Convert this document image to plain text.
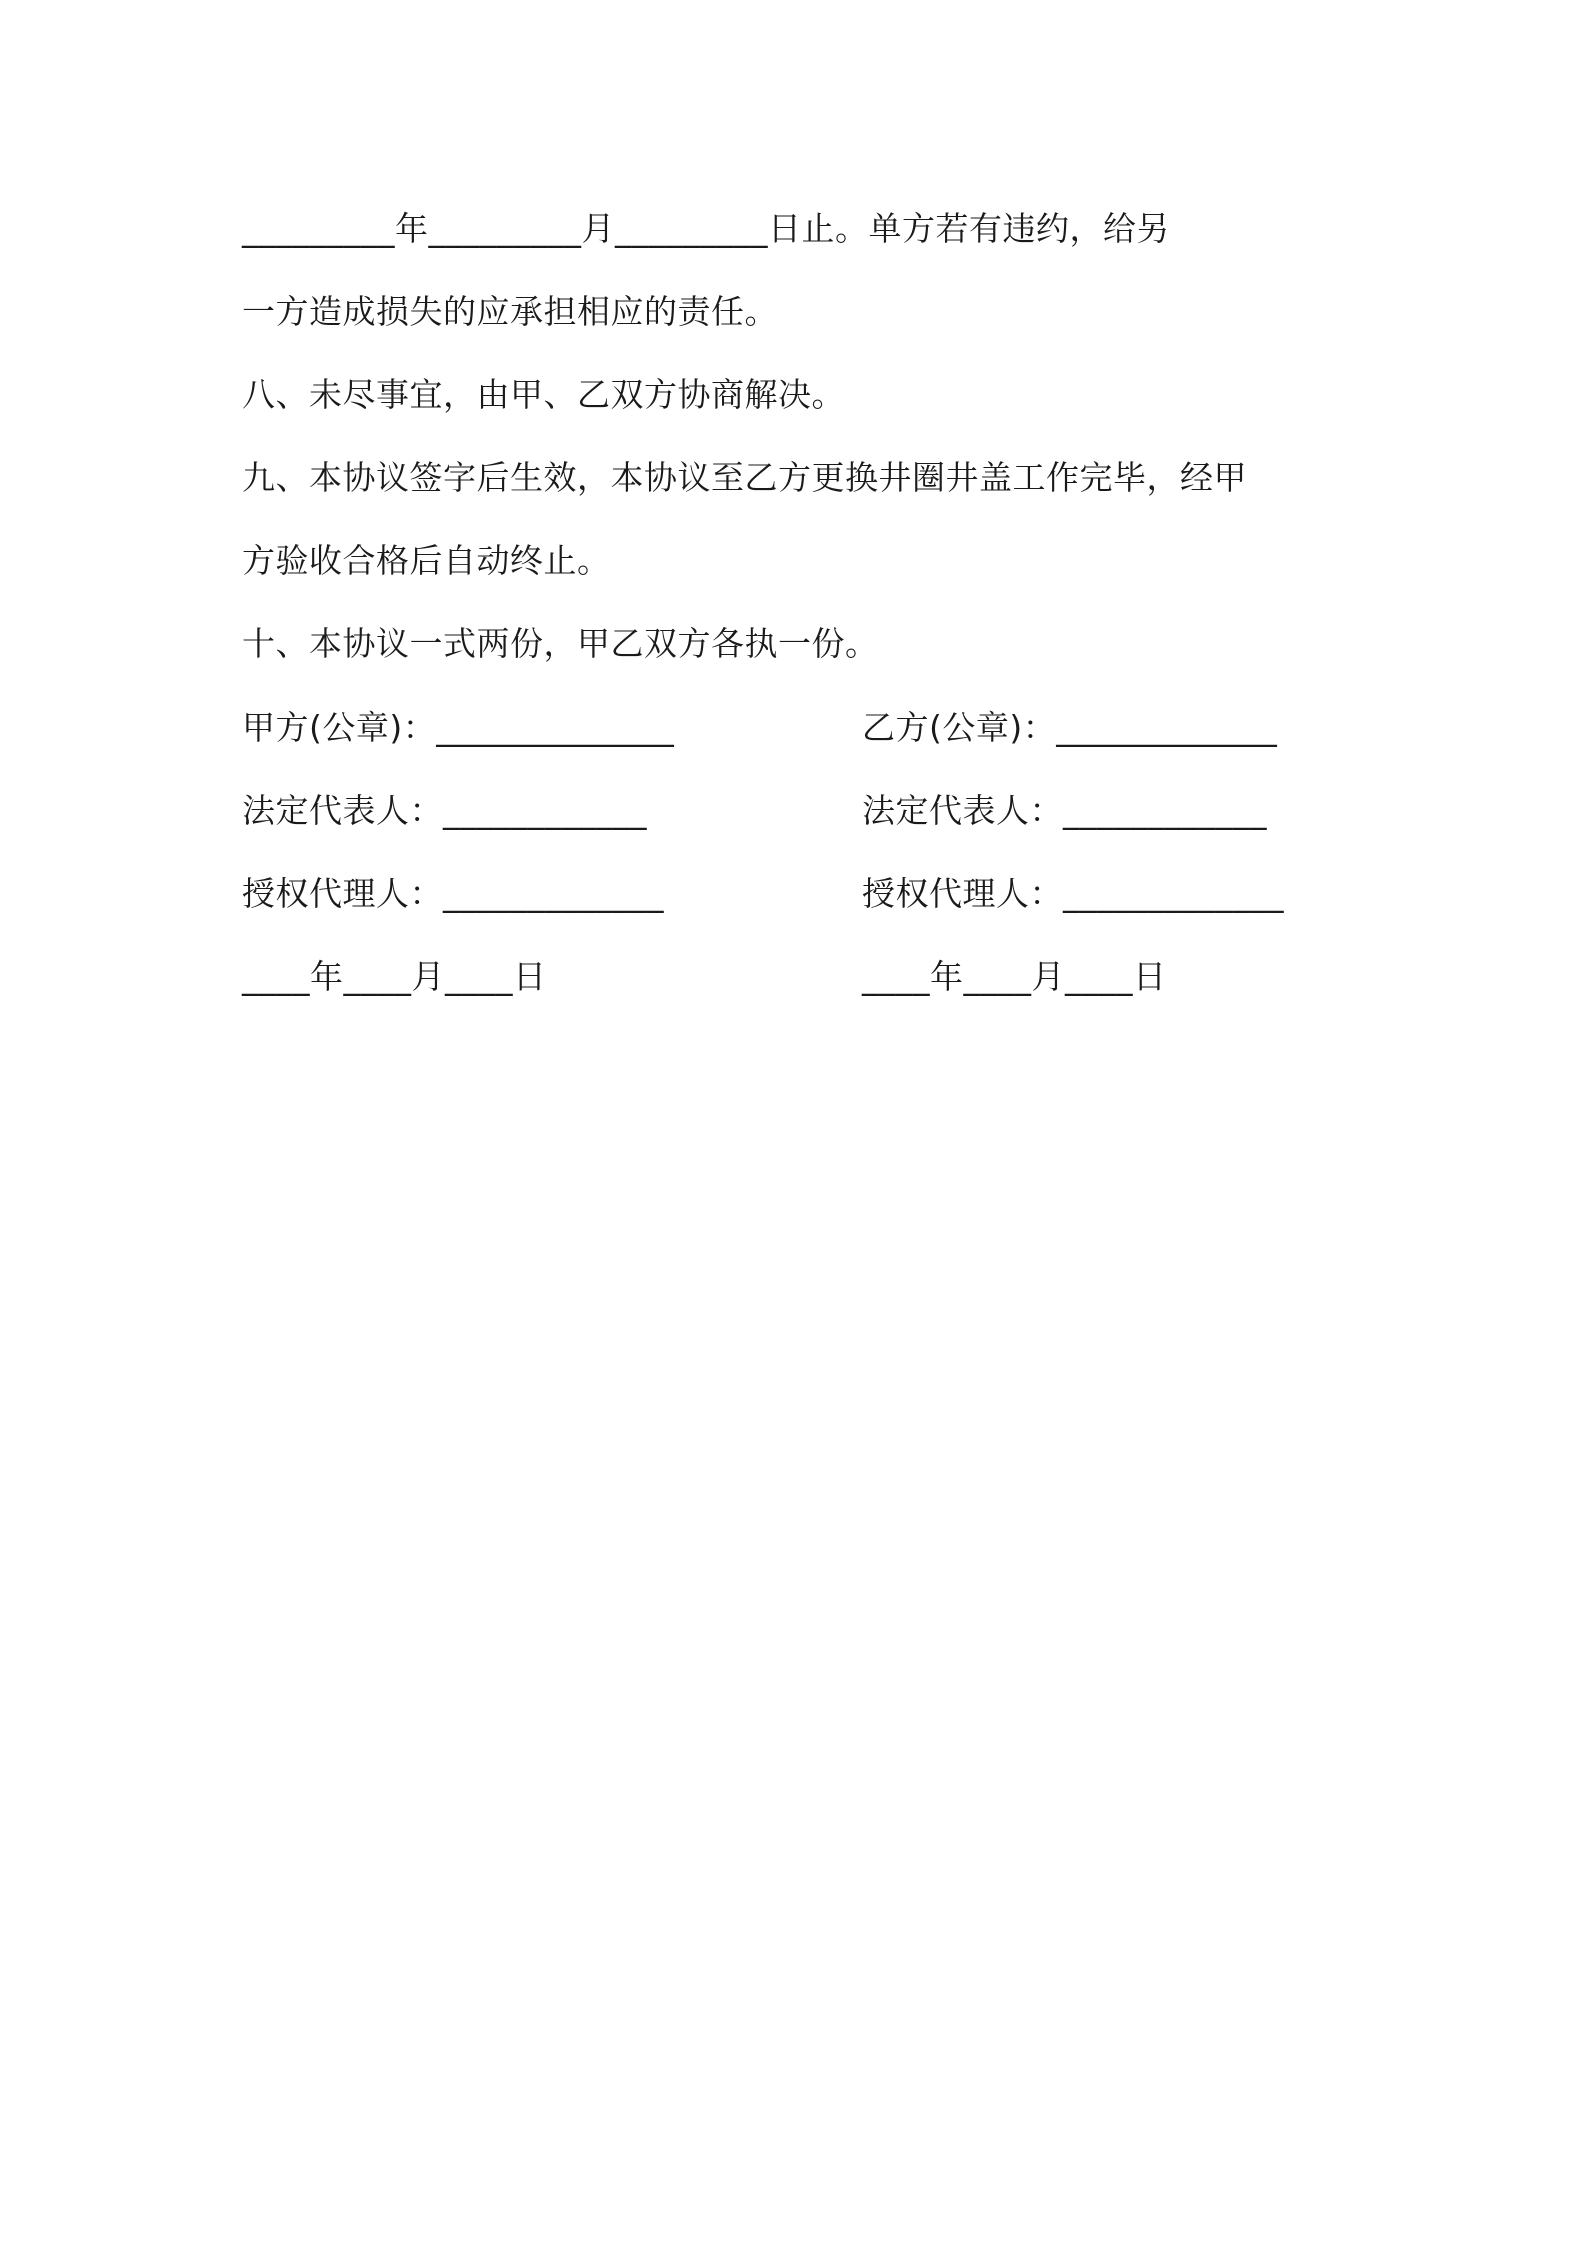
_________年_________月_________日止。单方若有违约，给另
一方造成损失的应承担相应的责任。
八、未尽事宜，由甲、乙双方协商解决。
九、本协议签字后生效，本协议至乙方更换井圈井盖工作完毕，经甲
方验收合格后自动终止。
十、本协议一式两份，甲乙双方各执一份。
甲方(公章)：______________	乙方(公章)：_____________
法定代表人：____________	法定代表人：____________
授权代理人：_____________	授权代理人：_____________
____年____月____日	____年____月____日
